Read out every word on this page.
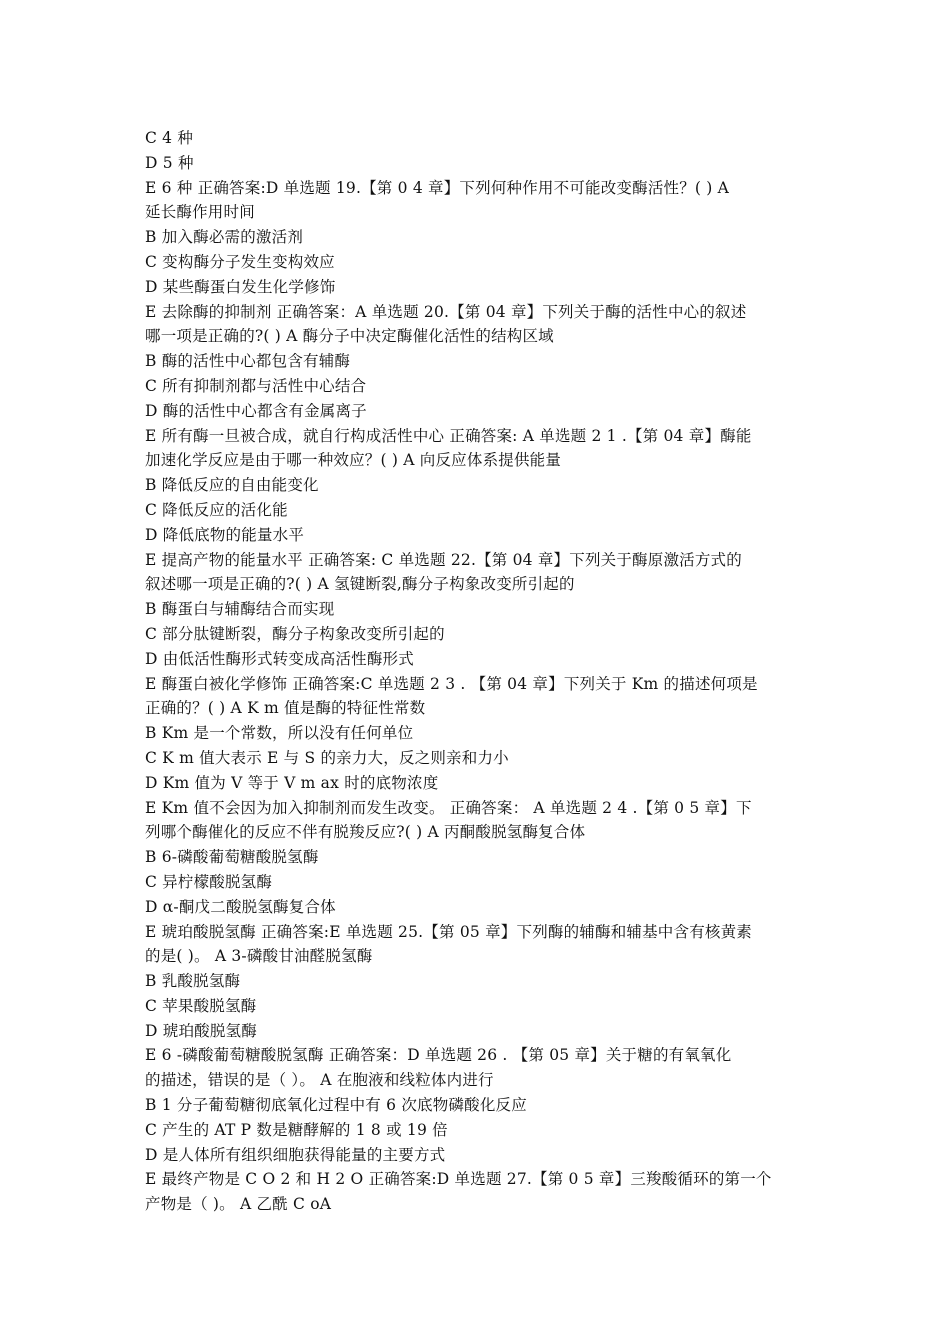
C 4 种
D 5 种
E 6 种 正确答案:D 单选题 19.【第 0 4 章】下列何种作用不可能改变酶活性？( ) A
延长酶作用时间
B 加入酶必需的激活剂
C 变构酶分子发生变构效应
D 某些酶蛋白发生化学修饰
E 去除酶的抑制剂 正确答案：A 单选题 20.【第 04 章】下列关于酶的活性中心的叙述
哪一项是正确的?( ) A 酶分子中决定酶催化活性的结构区域
B 酶的活性中心都包含有辅酶
C 所有抑制剂都与活性中心结合
D 酶的活性中心都含有金属离子
E 所有酶一旦被合成，就自行构成活性中心 正确答案: A 单选题 2 1 .【第 04 章】酶能
加速化学反应是由于哪一种效应？( ) A 向反应体系提供能量
B 降低反应的自由能变化
C 降低反应的活化能
D 降低底物的能量水平
E 提高产物的能量水平 正确答案: C 单选题 22.【第 04 章】下列关于酶原激活方式的
叙述哪一项是正确的?( ) A 氢键断裂,酶分子构象改变所引起的
B 酶蛋白与辅酶结合而实现
C 部分肽键断裂，酶分子构象改变所引起的
D 由低活性酶形式转变成高活性酶形式
E 酶蛋白被化学修饰 正确答案:C 单选题 2 3 . 【第 04 章】下列关于 Km 的描述何项是
正确的？( ) A K m 值是酶的特征性常数
B Km 是一个常数，所以没有任何单位
C K m 值大表示 E 与 S 的亲力大，反之则亲和力小
D Km 值为 V 等于 V m ax 时的底物浓度
E Km 值不会因为加入抑制剂而发生改变。 正确答案： A 单选题 2 4 .【第 0 5 章】下
列哪个酶催化的反应不伴有脱羧反应?( ) A 丙酮酸脱氢酶复合体
B 6-磷酸葡萄糖酸脱氢酶
C 异柠檬酸脱氢酶
D α-酮戊二酸脱氢酶复合体
E 琥珀酸脱氢酶 正确答案:E 单选题 25.【第 05 章】下列酶的辅酶和辅基中含有核黄素
的是( )。 A 3-磷酸甘油醛脱氢酶
B 乳酸脱氢酶
C 苹果酸脱氢酶
D 琥珀酸脱氢酶
E 6 -磷酸葡萄糖酸脱氢酶 正确答案：D 单选题 26 . 【第 05 章】关于糖的有氧氧化
的描述，错误的是（ ）。 A 在胞液和线粒体内进行
B 1 分子葡萄糖彻底氧化过程中有 6 次底物磷酸化反应
C 产生的 AT P 数是糖酵解的 1 8 或 19 倍
D 是人体所有组织细胞获得能量的主要方式
E 最终产物是 C O 2 和 H 2 O 正确答案:D 单选题 27.【第 0 5 章】三羧酸循环的第一个
产物是（ )。 A 乙酰 C oA
